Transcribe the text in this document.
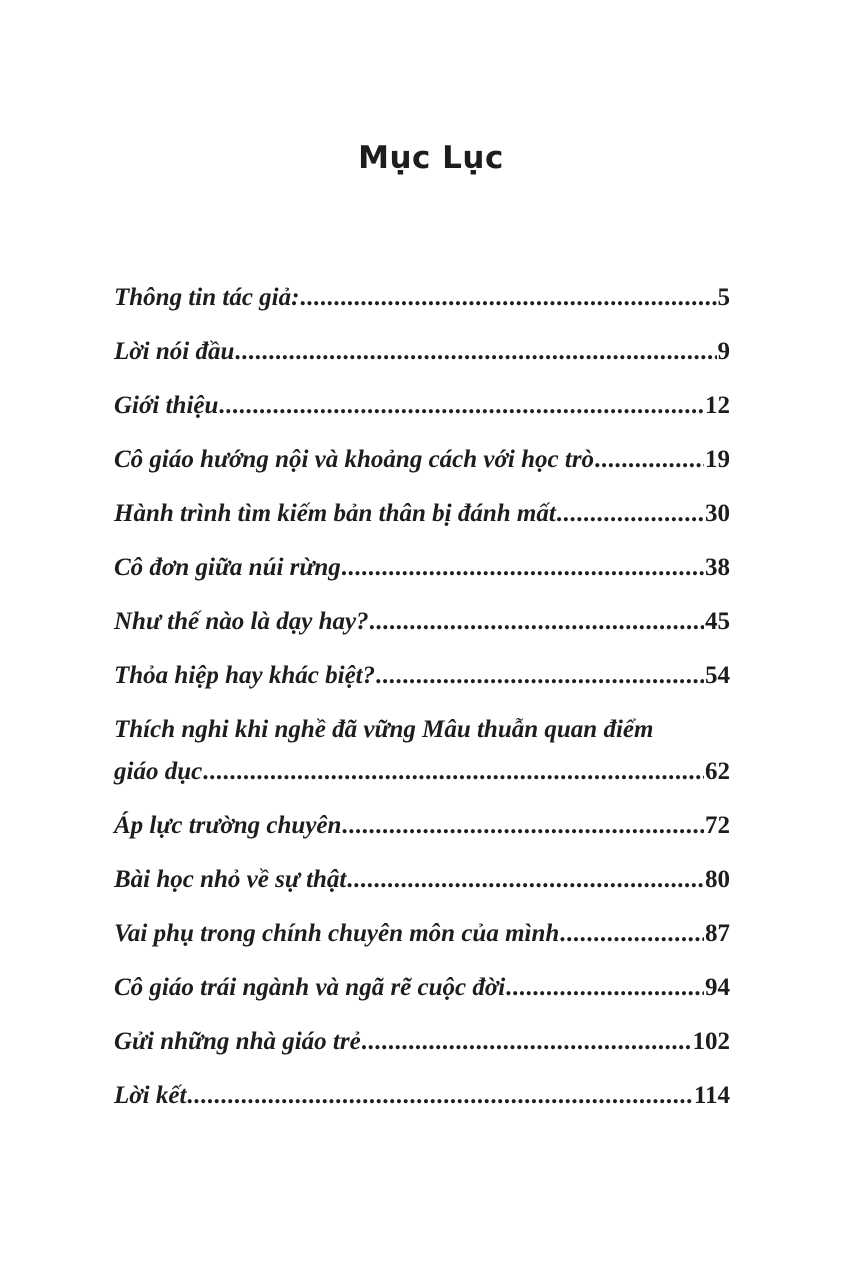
Mục Lục
Thông tin tác giả: .....	5
Lời nói đầu .....	9
Giới thiệu .....	12
Cô giáo hướng nội và khoảng cách với học trò .....	19
Hành trình tìm kiếm bản thân bị đánh mất .....	30
Cô đơn giữa núi rừng .....	38
Như thế nào là dạy hay? .....	45
Thỏa hiệp hay khác biệt? .....	54
Thích nghi khi nghề đã vững Mâu thuẫn quan điểm
giáo dục .....	62
Áp lực trường chuyên .....	72
Bài học nhỏ về sự thật .....	80
Vai phụ trong chính chuyên môn của mình .....	87
Cô giáo trái ngành và ngã rẽ cuộc đời .....	94
Gửi những nhà giáo trẻ .....	102
Lời kết .....	114
